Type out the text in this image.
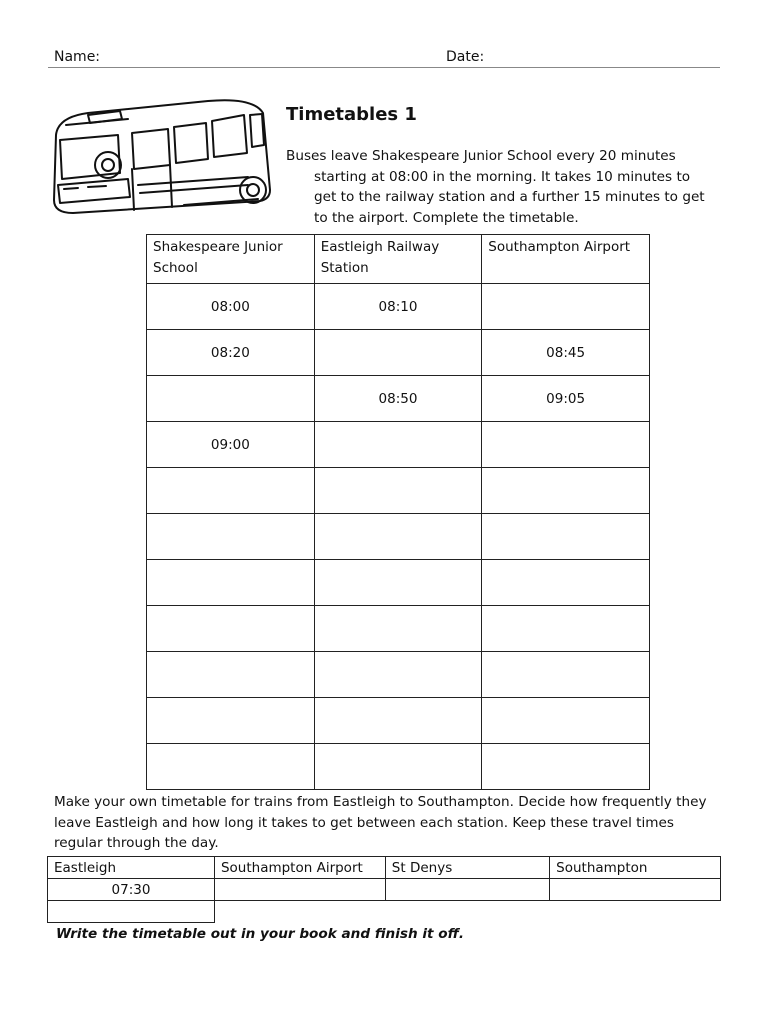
Name:	Date:
Timetables 1

Buses leave Shakespeare Junior School every 20 minutes starting at 08:00 in the morning. It takes 10 minutes to get to the railway station and a further 15 minutes to get to the airport. Complete the timetable.

Shakespeare Junior School	Eastleigh Railway Station	Southampton Airport
08:00	08:10	
08:20		08:45
	08:50	09:05
09:00		

Make your own timetable for trains from Eastleigh to Southampton. Decide how frequently they leave Eastleigh and how long it takes to get between each station. Keep these travel times regular through the day.

Eastleigh	Southampton Airport	St Denys	Southampton
07:30			

Write the timetable out in your book and finish it off.
